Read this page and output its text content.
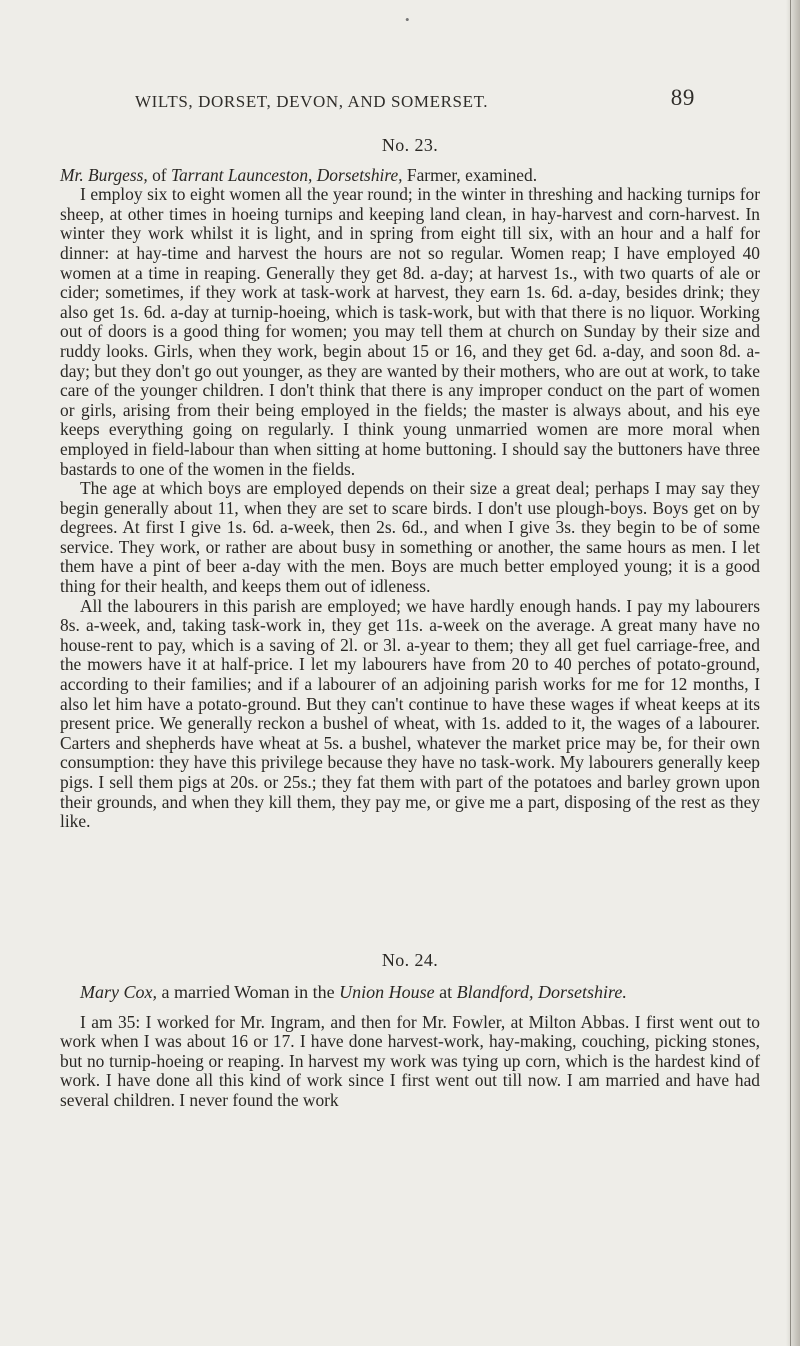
•
WILTS, DORSET, DEVON, AND SOMERSET.	89
No. 23.

Mr. Burgess, of Tarrant Launceston, Dorsetshire, Farmer, examined.

I employ six to eight women all the year round; in the winter in threshing and hacking turnips for sheep, at other times in hoeing turnips and keeping land clean, in hay-harvest and corn-harvest. In winter they work whilst it is light, and in spring from eight till six, with an hour and a half for dinner: at hay-time and harvest the hours are not so regular. Women reap; I have employed 40 women at a time in reaping. Generally they get 8d. a-day; at harvest 1s., with two quarts of ale or cider; sometimes, if they work at task-work at harvest, they earn 1s. 6d. a-day, besides drink; they also get 1s. 6d. a-day at turnip-hoeing, which is task-work, but with that there is no liquor. Working out of doors is a good thing for women; you may tell them at church on Sunday by their size and ruddy looks. Girls, when they work, begin about 15 or 16, and they get 6d. a-day, and soon 8d. a-day; but they don't go out younger, as they are wanted by their mothers, who are out at work, to take care of the younger children. I don't think that there is any improper conduct on the part of women or girls, arising from their being employed in the fields; the master is always about, and his eye keeps everything going on regularly. I think young unmarried women are more moral when employed in field-labour than when sitting at home buttoning. I should say the buttoners have three bastards to one of the women in the fields.

The age at which boys are employed depends on their size a great deal; perhaps I may say they begin generally about 11, when they are set to scare birds. I don't use plough-boys. Boys get on by degrees. At first I give 1s. 6d. a-week, then 2s. 6d., and when I give 3s. they begin to be of some service. They work, or rather are about busy in something or another, the same hours as men. I let them have a pint of beer a-day with the men. Boys are much better employed young; it is a good thing for their health, and keeps them out of idleness.

All the labourers in this parish are employed; we have hardly enough hands. I pay my labourers 8s. a-week, and, taking task-work in, they get 11s. a-week on the average. A great many have no house-rent to pay, which is a saving of 2l. or 3l. a-year to them; they all get fuel carriage-free, and the mowers have it at half-price. I let my labourers have from 20 to 40 perches of potato-ground, according to their families; and if a labourer of an adjoining parish works for me for 12 months, I also let him have a potato-ground. But they can't continue to have these wages if wheat keeps at its present price. We generally reckon a bushel of wheat, with 1s. added to it, the wages of a labourer. Carters and shepherds have wheat at 5s. a bushel, whatever the market price may be, for their own consumption: they have this privilege because they have no task-work. My labourers generally keep pigs. I sell them pigs at 20s. or 25s.; they fat them with part of the potatoes and barley grown upon their grounds, and when they kill them, they pay me, or give me a part, disposing of the rest as they like.

No. 24.

Mary Cox, a married Woman in the Union House at Blandford, Dorsetshire.

I am 35: I worked for Mr. Ingram, and then for Mr. Fowler, at Milton Abbas. I first went out to work when I was about 16 or 17. I have done harvest-work, hay-making, couching, picking stones, but no turnip-hoeing or reaping. In harvest my work was tying up corn, which is the hardest kind of work. I have done all this kind of work since I first went out till now. I am married and have had several children. I never found the work
